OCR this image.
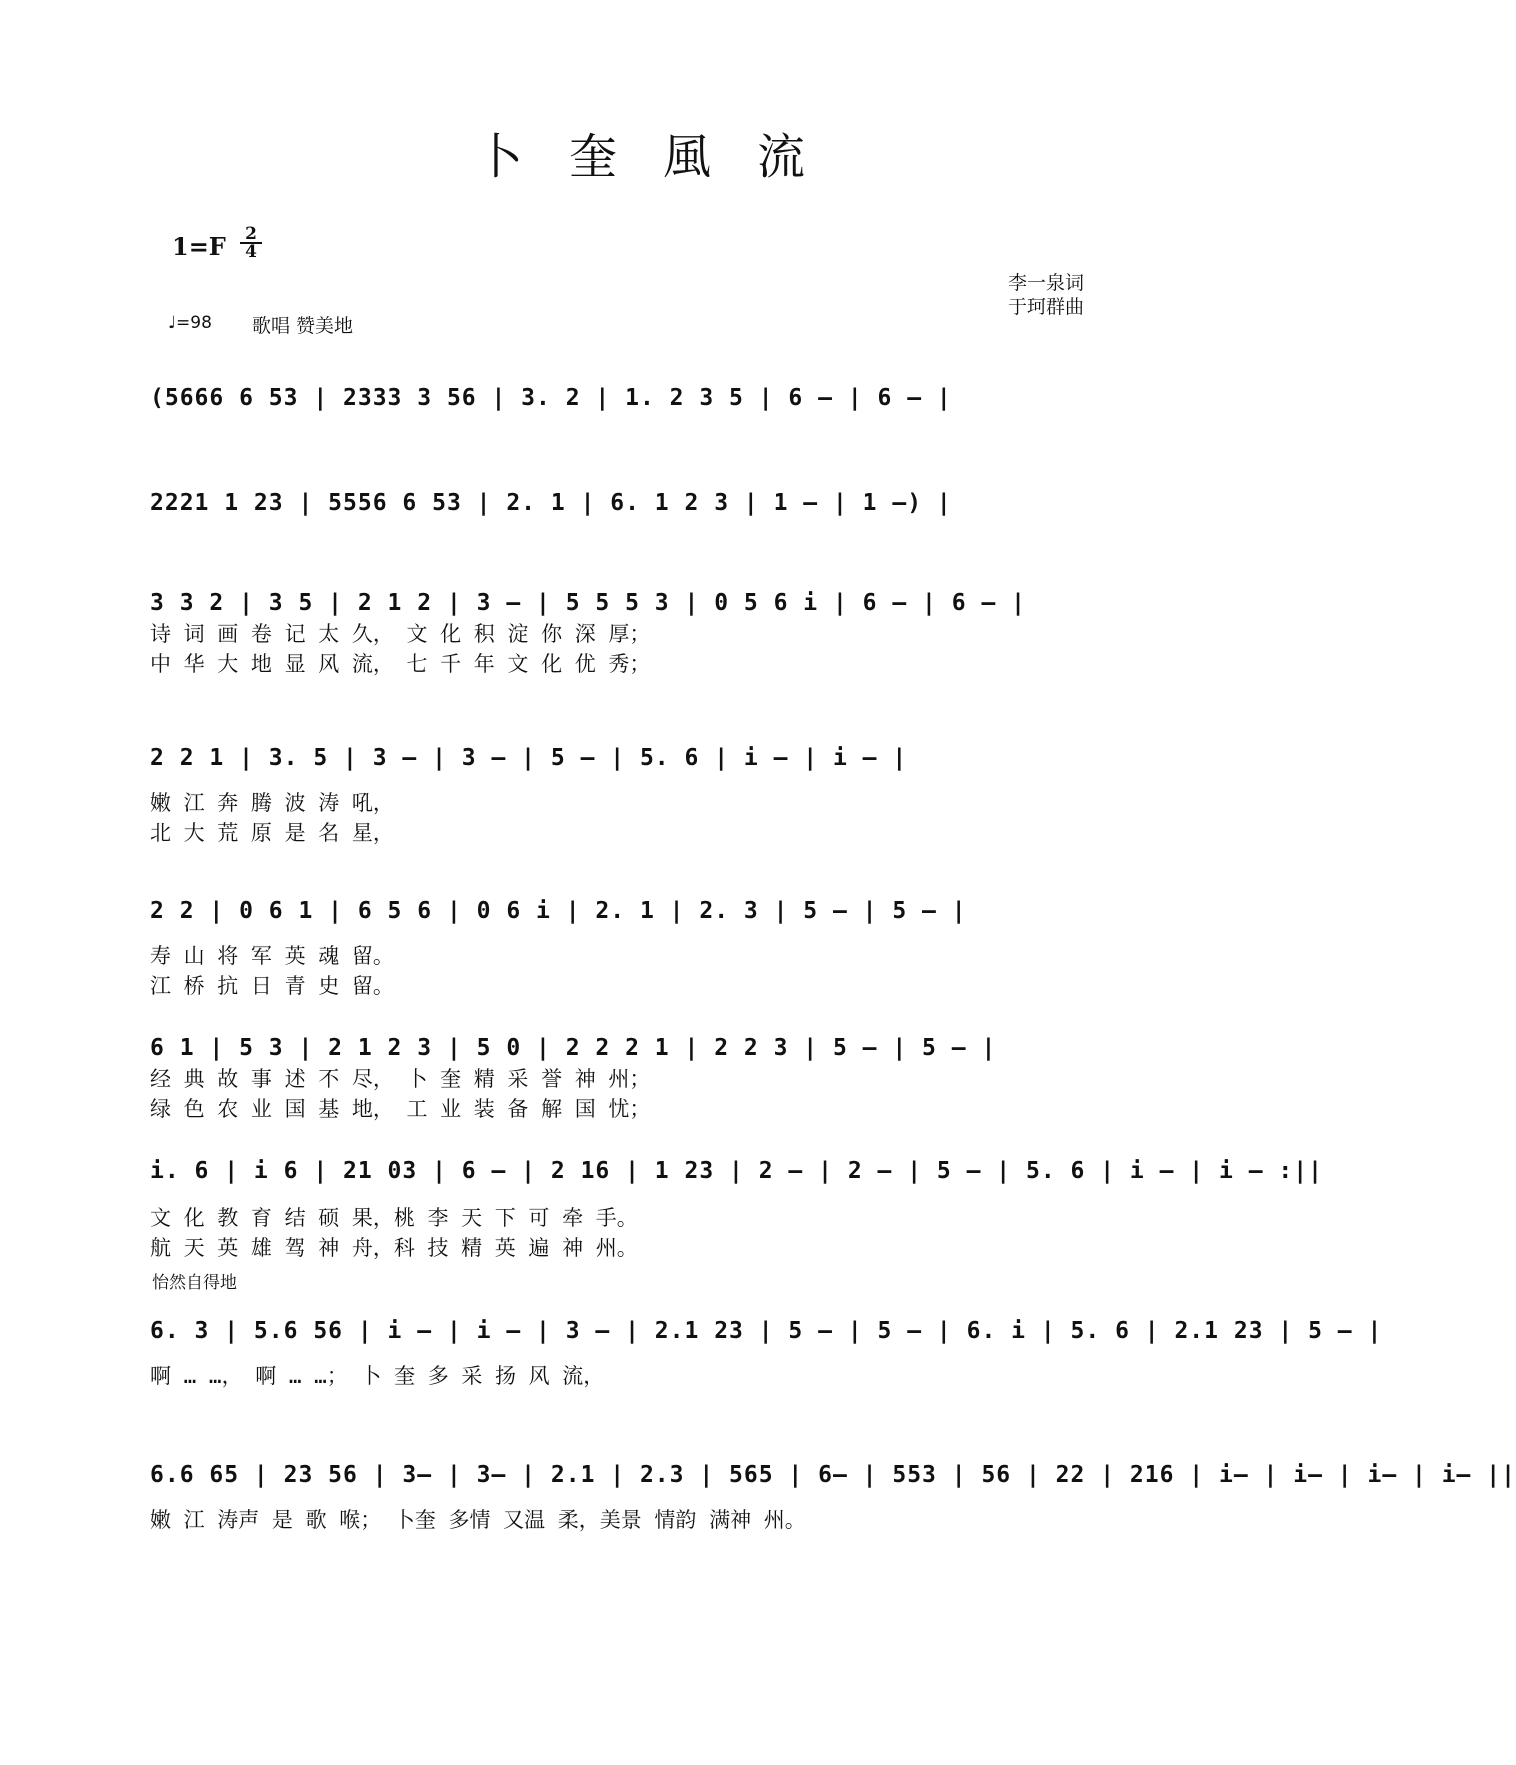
卜奎風流
$1=F \frac{2}{4}$
李一泉词
于珂群曲
♩=98 歌唱 赞美地
怡然自得地
(5666 6 53 | 2333 3 56 | 3. 2 | 1. 2 3 5 | 6 – | 6 – |
2221 1 23 | 5556 6 53 | 2. 1 | 6. 1 2 3 | 1 – | 1 –) |
3 3 2 | 3 5 | 2 1 2 | 3 – | 5 5 5 3 | 0 5 6 i | 6 – | 6 – |
诗 词 画 卷 记 太 久， 文 化 积 淀 你 深 厚；
中 华 大 地 显 风 流， 七 千 年 文 化 优 秀；
2 2 1 | 3. 5 | 3 – | 3 – | 5 – | 5. 6 | i – | i – |
嫩 江 奔 腾 波 涛 吼，
北 大 荒 原 是 名 星，
2 2 | 0 6 1 | 6 5 6 | 0 6 i | 2. 1 | 2. 3 | 5 – | 5 – |
寿 山 将 军 英 魂 留。
江 桥 抗 日 青 史 留。
6 1 | 5 3 | 2 1 2 3 | 5 0 | 2 2 2 1 | 2 2 3 | 5 – | 5 – |
经 典 故 事 述 不 尽， 卜 奎 精 采 誉 神 州；
绿 色 农 业 国 基 地， 工 业 装 备 解 国 忧；
i. 6 | i 6 | 21 03 | 6 – | 2 16 | 1 23 | 2 – | 2 – | 5 – | 5. 6 | i – | i – :||
文 化 教 育 结 硕 果，桃 李 天 下 可 牵 手。
航 天 英 雄 驾 神 舟，科 技 精 英 遍 神 州。
6. 3 | 5.6 56 | i – | i – | 3 – | 2.1 23 | 5 – | 5 – | 6. i | 5. 6 | 2.1 23 | 5 – |
啊 … …， 啊 … …； 卜 奎 多 采 扬 风 流，
6.6 65 | 23 56 | 3– | 3– | 2.1 | 2.3 | 565 | 6– | 553 | 56 | 22 | 216 | i– | i– | i– | i– ||
嫩 江 涛声 是 歌 喉； 卜奎 多情 又温 柔，美景 情韵 满神 州。
